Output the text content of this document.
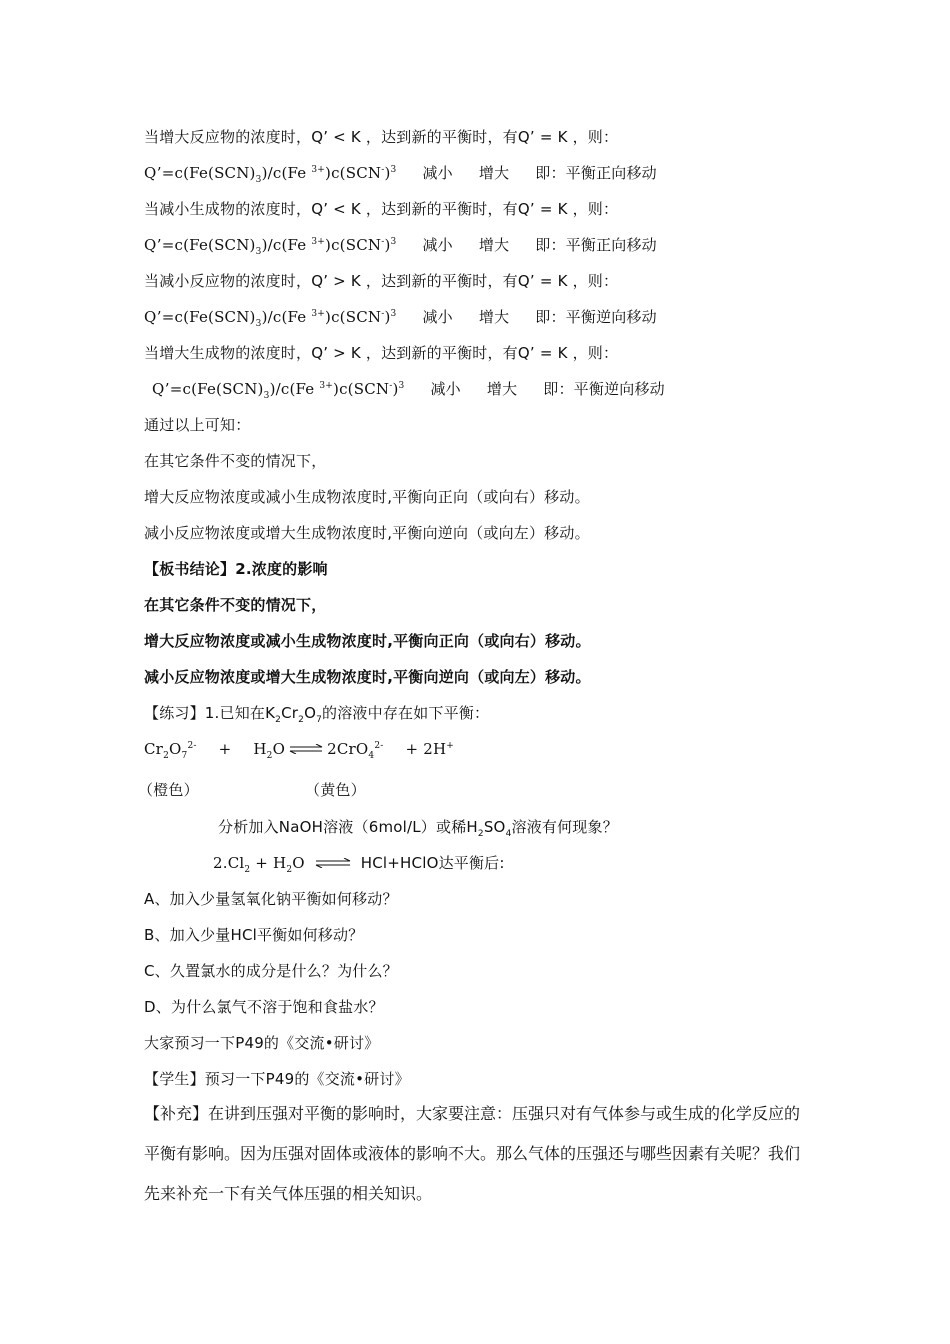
当增大反应物的浓度时，Q’ < K ，达到新的平衡时，有Q’ = K ，则：
$Q’=c(Fe(SCN)_3)/c(Fe$ $^{3+})c(SCN^-)^3$ 减小 增大 即：平衡正向移动
当减小生成物的浓度时，Q’ < K ，达到新的平衡时，有Q’ = K ，则：
$Q’=c(Fe(SCN)_3)/c(Fe$ $^{3+})c(SCN^-)^3$ 减小 增大 即：平衡正向移动
当减小反应物的浓度时，Q’ > K ，达到新的平衡时，有Q’ = K ，则：
$Q’=c(Fe(SCN)_3)/c(Fe$ $^{3+})c(SCN^-)^3$ 减小 增大 即：平衡逆向移动
当增大生成物的浓度时，Q’ > K ，达到新的平衡时，有Q’ = K ，则：
$Q’=c(Fe(SCN)_3)/c(Fe$ $^{3+})c(SCN^-)^3$ 减小 增大 即：平衡逆向移动
通过以上可知：
在其它条件不变的情况下，
增大反应物浓度或减小生成物浓度时,平衡向正向（或向右）移动。
减小反应物浓度或增大生成物浓度时,平衡向逆向（或向左）移动。
【板书结论】2.浓度的影响
在其它条件不变的情况下，
增大反应物浓度或减小生成物浓度时,平衡向正向（或向右）移动。
减小反应物浓度或增大生成物浓度时,平衡向逆向（或向左）移动。
【练习】1.已知在$K_2Cr_2O_7$的溶液中存在如下平衡：
$Cr_2O_7^{2-} + H_2O$ ⇌ 2CrO$_4^{2-}$ + 2H+
（橙色）	（黄色）
分析加入NaOH溶液（6mol/L）或稀$H_2SO_4$溶液有何现象？
$2.Cl_2 + H_2O$ ⇌ HCl+HClO达平衡后:
A、加入少量氢氧化钠平衡如何移动？
B、加入少量HCl平衡如何移动？
C、久置氯水的成分是什么？为什么？
D、为什么氯气不溶于饱和食盐水？
大家预习一下P49的《交流•研讨》
【学生】预习一下P49的《交流•研讨》
【补充】在讲到压强对平衡的影响时，大家要注意：压强只对有气体参与或生成的化学反应的平衡有影响。因为压强对固体或液体的影响不大。那么气体的压强还与哪些因素有关呢？我们先来补充一下有关气体压强的相关知识。
